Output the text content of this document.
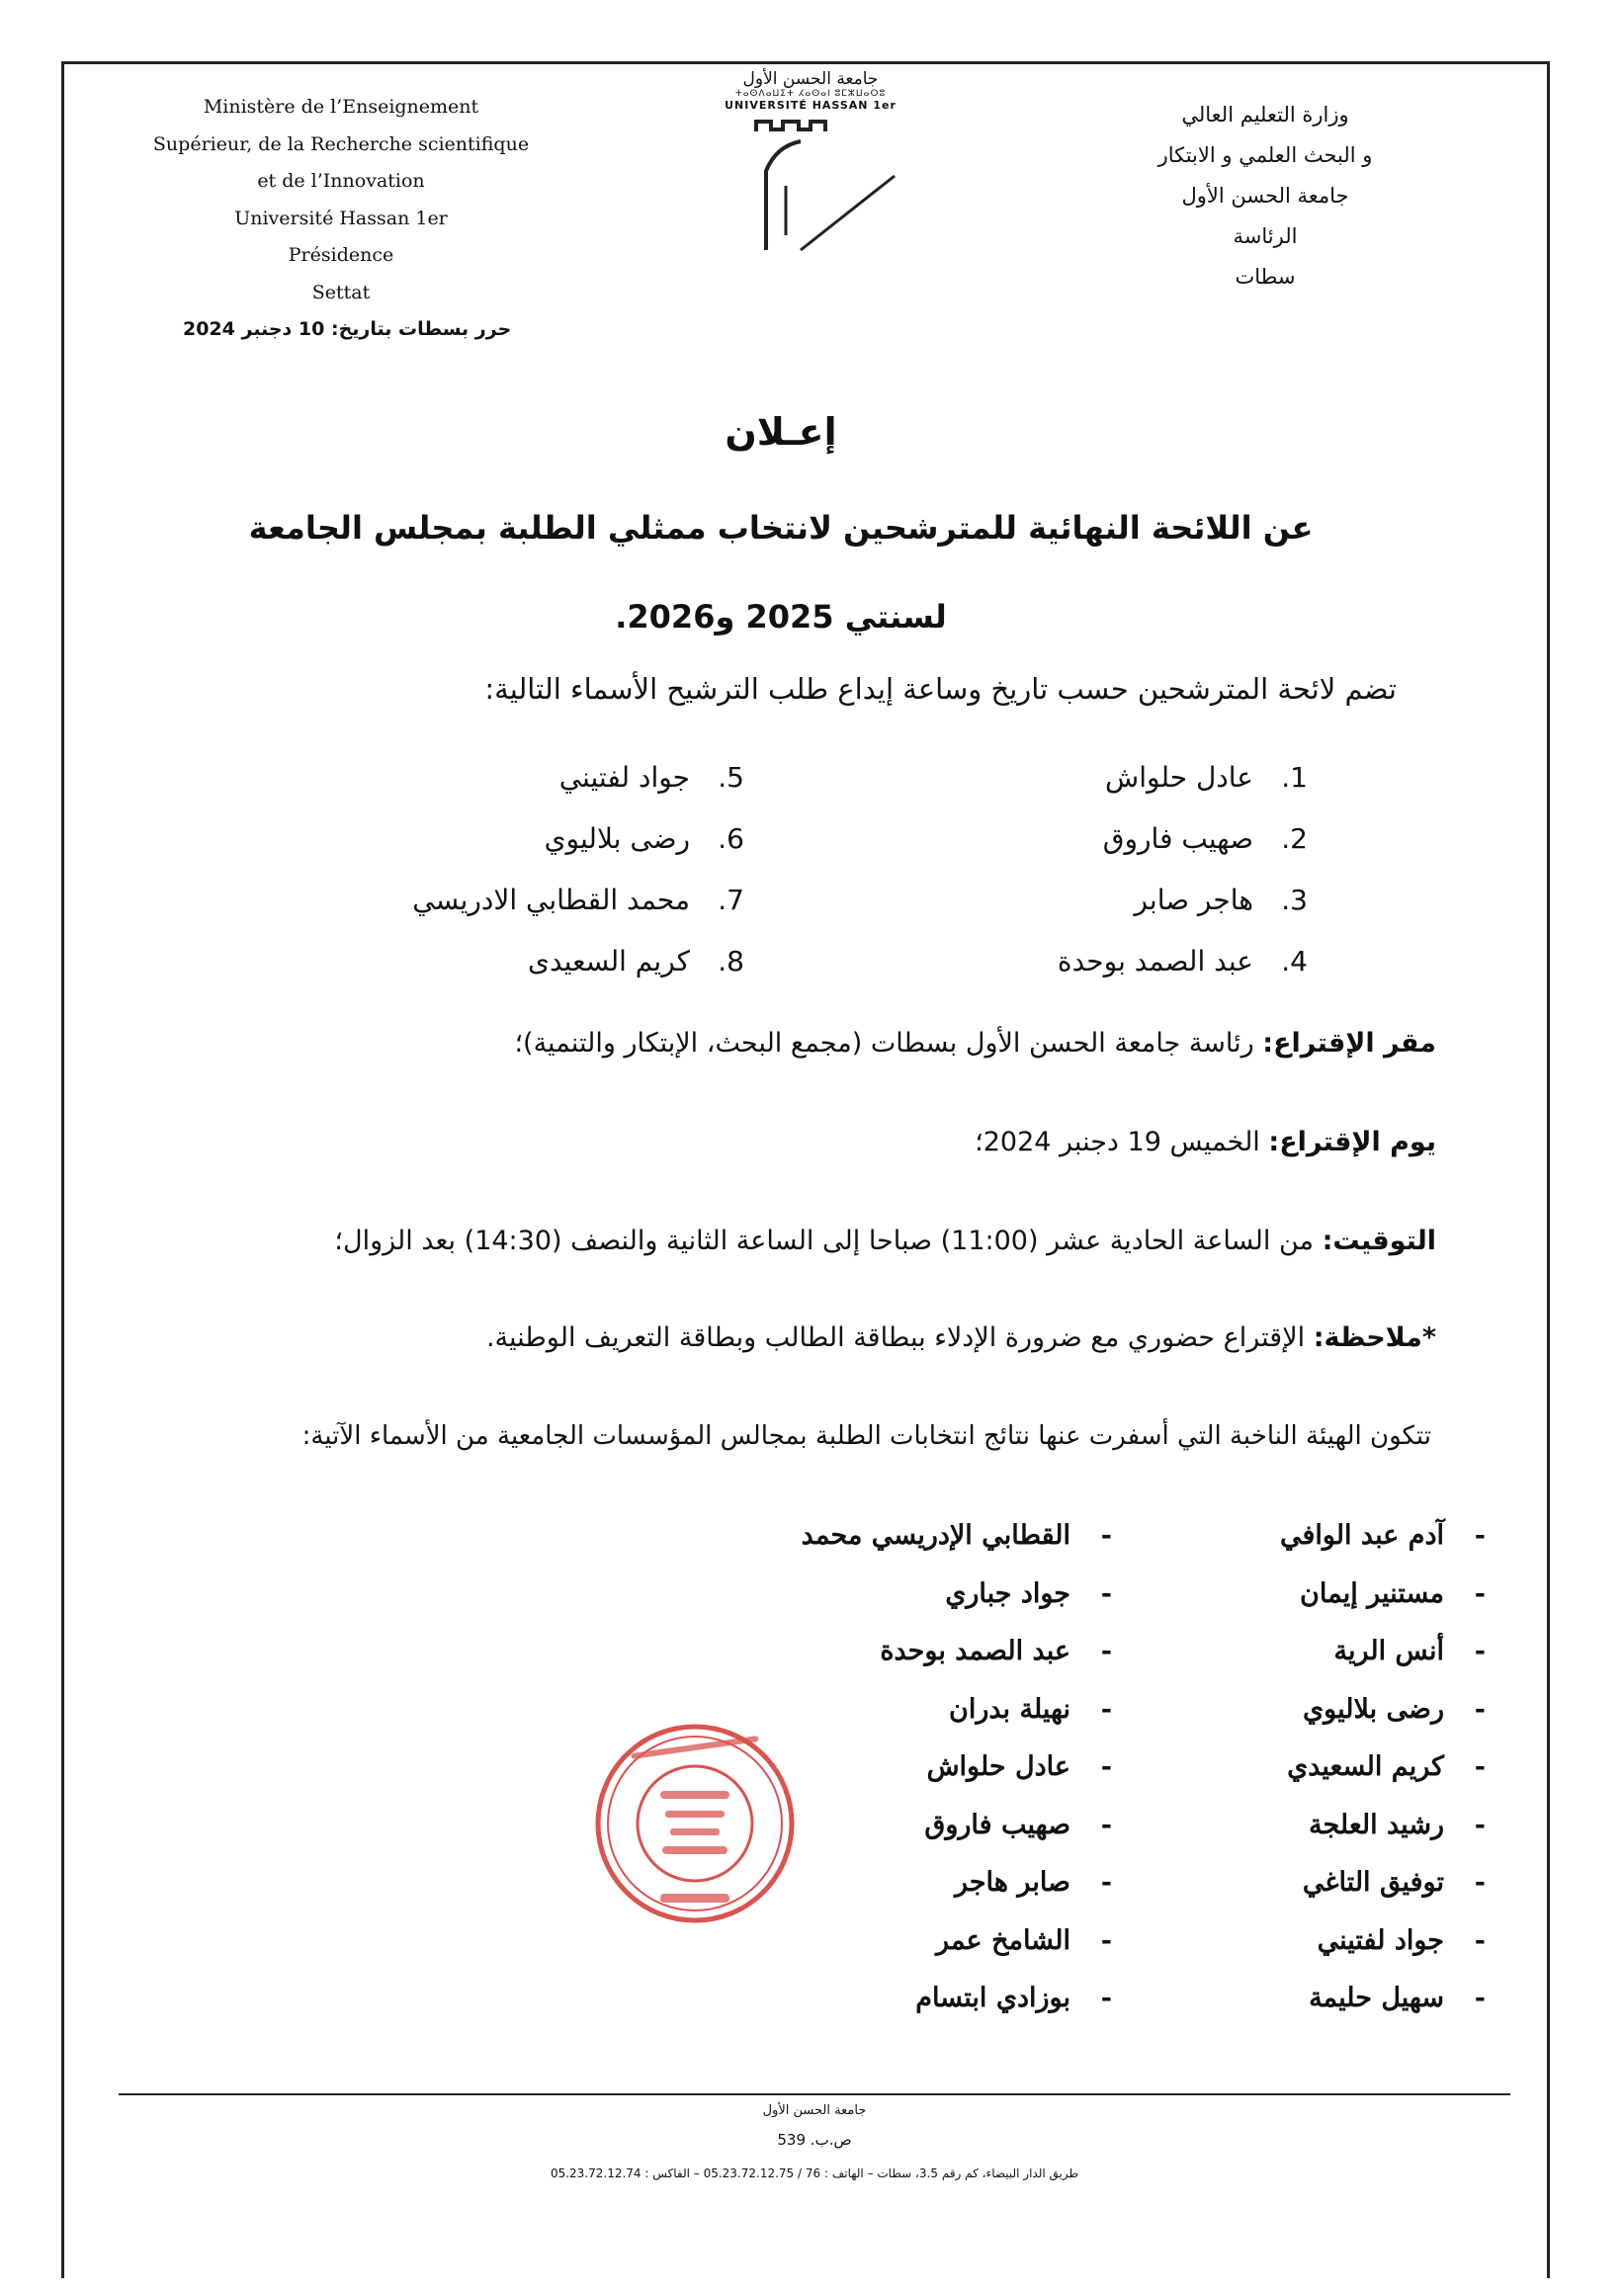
Ministère de l’Enseignement
Supérieur, de la Recherche scientifique
et de l’Innovation
Université Hassan 1er
Présidence
Settat
حرر بسطات بتاريخ: 10 دجنبر 2024
جامعة الحسن الأول
ⵜⴰⵙⴷⴰⵡⵉⵜ ⵃⴰⵙⴰⵏ ⵓⵎⵣⵡⴰⵔⵓ
UNIVERSITÉ HASSAN 1er	وزارة التعليم العالي
و البحث العلمي و الابتكار
جامعة الحسن الأول
الرئاسة
سطات
إعـلان
عن اللائحة النهائية للمترشحين لانتخاب ممثلي الطلبة بمجلس الجامعة
لسنتي 2025 و2026.
تضم لائحة المترشحين حسب تاريخ وساعة إيداع طلب الترشيح الأسماء التالية:
1.
عادل حلواش
2.
صهيب فاروق
3.
هاجر صابر
4.
عبد الصمد بوحدة
5.
جواد لفتيني
6.
رضى بلاليوي
7.
محمد القطابي الادريسي
8.
كريم السعيدى
مقر الإقتراع: رئاسة جامعة الحسن الأول بسطات (مجمع البحث، الإبتكار والتنمية)؛
يوم الإقتراع: الخميس 19 دجنبر 2024؛
التوقيت: من الساعة الحادية عشر (11:00) صباحا إلى الساعة الثانية والنصف (14:30) بعد الزوال؛
*ملاحظة: الإقتراع حضوري مع ضرورة الإدلاء ببطاقة الطالب وبطاقة التعريف الوطنية.
تتكون الهيئة الناخبة التي أسفرت عنها نتائج انتخابات الطلبة بمجالس المؤسسات الجامعية من الأسماء الآتية:
-آدم عبد الوافي
-مستنير إيمان
-أنس الرية
-رضى بلاليوي
-كريم السعيدي
-رشيد العلجة
-توفيق التاغي
-جواد لفتيني
-سهيل حليمة
-القطابي الإدريسي محمد
-جواد جباري
-عبد الصمد بوحدة
-نهيلة بدران
-عادل حلواش
-صهيب فاروق
-صابر هاجر
-الشامخ عمر
-بوزادي ابتسام
جامعة الحسن الأول
ص.ب. 539
طريق الدار البيضاء، كم رقم 3.5، سطات – الهاتف : 76 / 05.23.72.12.75 – الفاكس : 05.23.72.12.74
